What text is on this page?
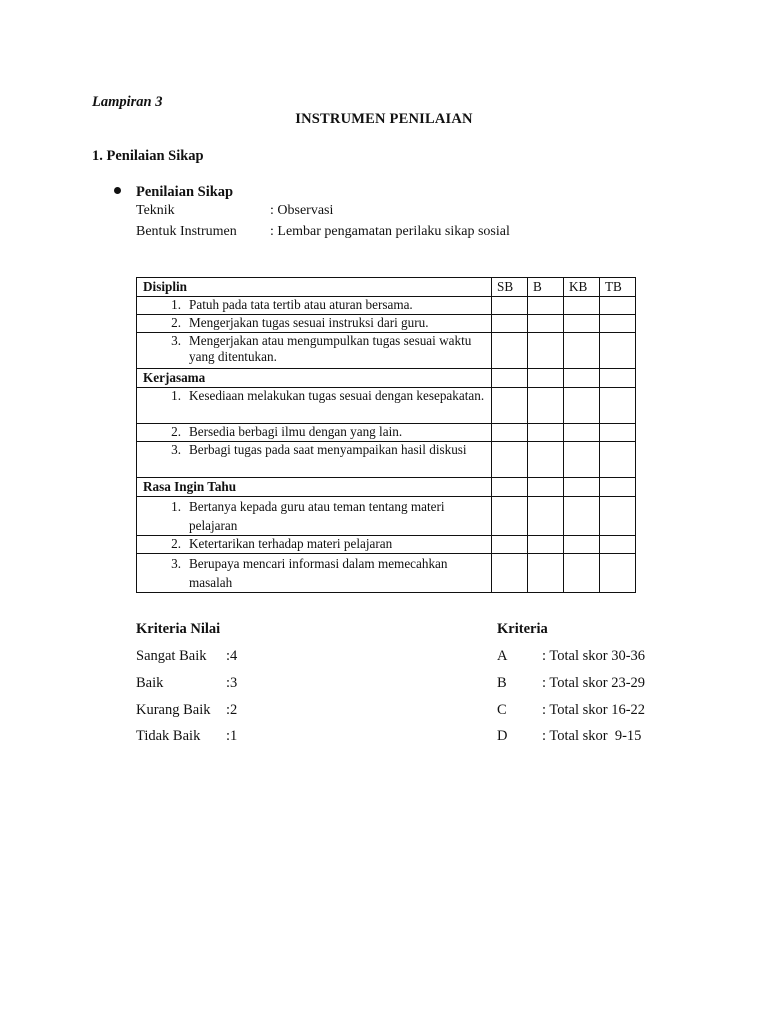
Lampiran 3
INSTRUMEN PENILAIAN
1. Penilaian Sikap
Penilaian Sikap
Teknik	: Observasi
Bentuk Instrumen : Lembar pengamatan perilaku sikap sosial
Disiplin	SB	B	KB	TB

1. Patuh pada tata tertib atau aturan bersama.				

2. Mengerjakan tugas sesuai instruksi dari guru.				

3. Mengerjakan atau mengumpulkan tugas sesuai waktu yang ditentukan.				

Kerjasama				

1. Kesediaan melakukan tugas sesuai dengan kesepakatan.				

2. Bersedia berbagi ilmu dengan yang lain.				

3. Berbagi tugas pada saat menyampaikan hasil diskusi				

Rasa Ingin Tahu				

1. Bertanya kepada guru atau teman tentang materi pelajaran				

2. Ketertarikan terhadap materi pelajaran				

3. Berupaya mencari informasi dalam memecahkan masalah				

Kriteria Nilai
Sangat Baik :4
Baik	:3
Kurang Baik :2
Tidak Baik :1
Kriteria
A : Total skor 30-36
B : Total skor 23-29
C : Total skor 16-22
D : Total skor  9-15
